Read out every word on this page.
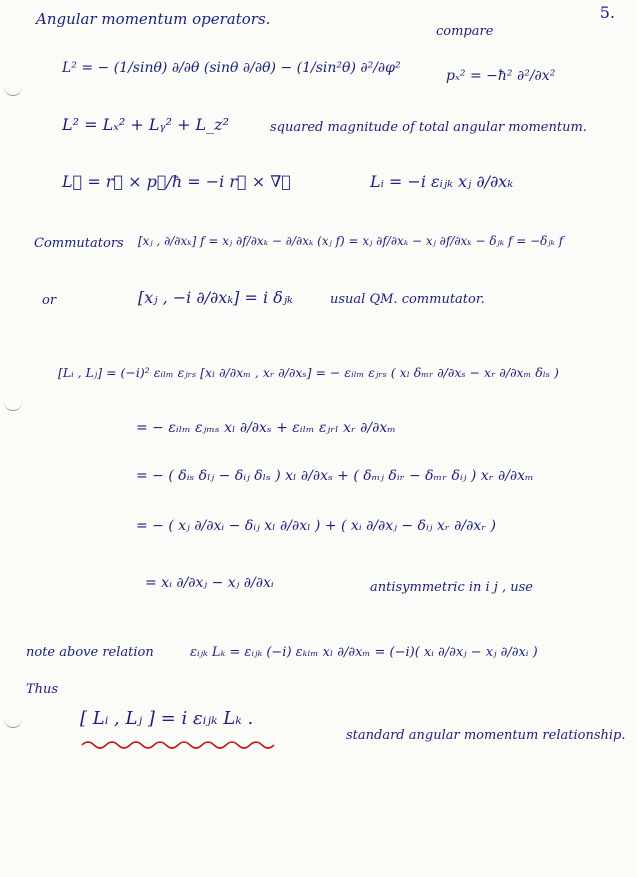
5.
Angular momentum operators.
compare
L² = − (1/sinθ) ∂/∂θ (sinθ ∂/∂θ) − (1/sin²θ) ∂²/∂φ²	pₓ² = −ħ² ∂²/∂x²
L² = Lₓ² + Lᵧ² + L_z²	squared magnitude of total angular momentum.
L⃗ = r⃗ × p⃗/ħ = −i r⃗ × ∇⃗	Lᵢ = −i εᵢⱼₖ xⱼ ∂/∂xₖ
Commutators [xⱼ , ∂/∂xₖ] f = xⱼ ∂f/∂xₖ − ∂/∂xₖ (xⱼ f) = xⱼ ∂f/∂xₖ − xⱼ ∂f/∂xₖ − δⱼₖ f = −δⱼₖ f
or	[xⱼ , −i ∂/∂xₖ] = i δⱼₖ	usual QM. commutator.
[Lᵢ , Lⱼ] = (−i)² εᵢₗₘ εⱼᵣₛ [xₗ ∂/∂xₘ , xᵣ ∂/∂xₛ] = − εᵢₗₘ εⱼᵣₛ ( xₗ δₘᵣ ∂/∂xₛ − xᵣ ∂/∂xₘ δₗₛ )
= − εᵢₗₘ εⱼₘₛ xₗ ∂/∂xₛ + εᵢₗₘ εⱼᵣₗ xᵣ ∂/∂xₘ
= − ( δᵢₛ δₗⱼ − δᵢⱼ δₗₛ ) xₗ ∂/∂xₛ + ( δₘⱼ δᵢᵣ − δₘᵣ δᵢⱼ ) xᵣ ∂/∂xₘ
= − ( xⱼ ∂/∂xᵢ − δᵢⱼ xₗ ∂/∂xₗ ) + ( xᵢ ∂/∂xⱼ − δᵢⱼ xᵣ ∂/∂xᵣ )
= xᵢ ∂/∂xⱼ − xⱼ ∂/∂xᵢ	antisymmetric in i j , use
note above relation	εᵢⱼₖ Lₖ = εᵢⱼₖ (−i) εₖₗₘ xₗ ∂/∂xₘ = (−i)( xᵢ ∂/∂xⱼ − xⱼ ∂/∂xᵢ )
Thus
[ Lᵢ , Lⱼ ] = i εᵢⱼₖ Lₖ .
standard angular momentum relationship.
